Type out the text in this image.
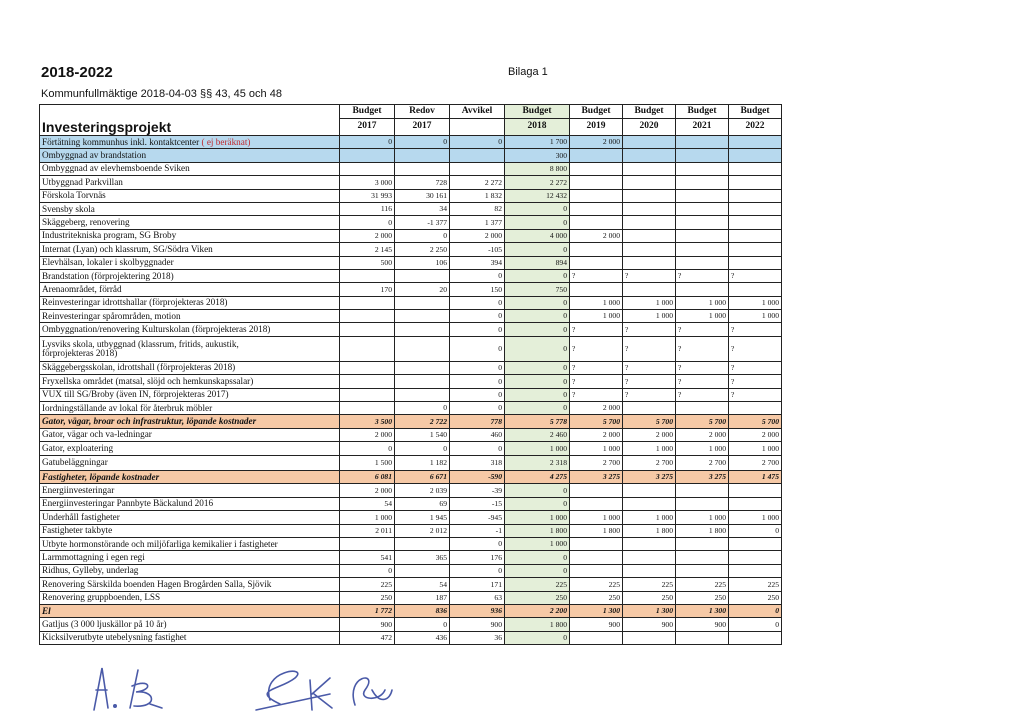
2018-2022	Bilaga 1
Kommunfullmäktige 2018-04-03 §§ 43, 45 och 48
Investeringsprojekt	Budget	Redov	Avvikel	Budget	Budget	Budget	Budget	Budget
	2017	2017		2018	2019	2020	2021	2022
Förtätning kommunhus inkl. kontaktcenter ( ej beräknat)	0	0	0	1 700	2 000			
Ombyggnad av brandstation				300				
Ombyggnad av elevhemsboende Sviken				8 800				
Utbyggnad Parkvillan	3 000	728	2 272	2 272				
Förskola Torvnäs	31 993	30 161	1 832	12 432				
Svensby skola	116	34	82	0				
Skäggeberg, renovering	0	-1 377	1 377	0				
Industritekniska program, SG Broby	2 000	0	2 000	4 000	2 000			
Internat (Lyan) och klassrum, SG/Södra Viken	2 145	2 250	-105	0				
Elevhälsan, lokaler i skolbyggnader	500	106	394	894				
Brandstation (förprojektering 2018)			0	0	?	?	?	?
Arenaområdet, förråd	170	20	150	750				
Reinvesteringar idrottshallar (förprojekteras 2018)			0	0	1 000	1 000	1 000	1 000
Reinvesteringar spårområden, motion			0	0	1 000	1 000	1 000	1 000
Ombyggnation/renovering Kulturskolan (förprojekteras 2018)			0	0	?	?	?	?
Lysviks skola, utbyggnad (klassrum, fritids, aukustik,
förprojekteras 2018)			0	0	?	?	?	?
Skäggebergsskolan, idrottshall (förprojekteras 2018)			0	0	?	?	?	?
Fryxellska området (matsal, slöjd och hemkunskapssalar)			0	0	?	?	?	?
VUX till SG/Broby (även IN, förprojekteras 2017)			0	0	?	?	?	?
Iordningställande av lokal för återbruk möbler		0	0	0	2 000			
Gator, vägar, broar och infrastruktur, löpande kostnader	3 500	2 722	778	5 778	5 700	5 700	5 700	5 700
Gator, vägar och va-ledningar	2 000	1 540	460	2 460	2 000	2 000	2 000	2 000
Gator, exploatering	0	0	0	1 000	1 000	1 000	1 000	1 000
Gatubeläggningar	1 500	1 182	318	2 318	2 700	2 700	2 700	2 700
Fastigheter, löpande kostnader	6 081	6 671	-590	4 275	3 275	3 275	3 275	1 475
Energiinvesteringar	2 000	2 039	-39	0				
Energiinvesteringar Pannbyte Bäckalund 2016	54	69	-15	0				
Underhåll fastigheter	1 000	1 945	-945	1 000	1 000	1 000	1 000	1 000
Fastigheter takbyte	2 011	2 012	-1	1 800	1 800	1 800	1 800	0
Utbyte hormonstörande och miljöfarliga kemikalier i fastigheter			0	1 000				
Larmmottagning i egen regi	541	365	176	0				
Ridhus, Gylleby, underlag	0		0	0				
Renovering Särskilda boenden Hagen Brogården Salla, Sjövik	225	54	171	225	225	225	225	225
Renovering gruppboenden, LSS	250	187	63	250	250	250	250	250
El	1 772	836	936	2 200	1 300	1 300	1 300	0
Gatljus (3 000 ljuskällor på 10 år)	900	0	900	1 800	900	900	900	0
Kicksilverutbyte utebelysning fastighet	472	436	36	0				
